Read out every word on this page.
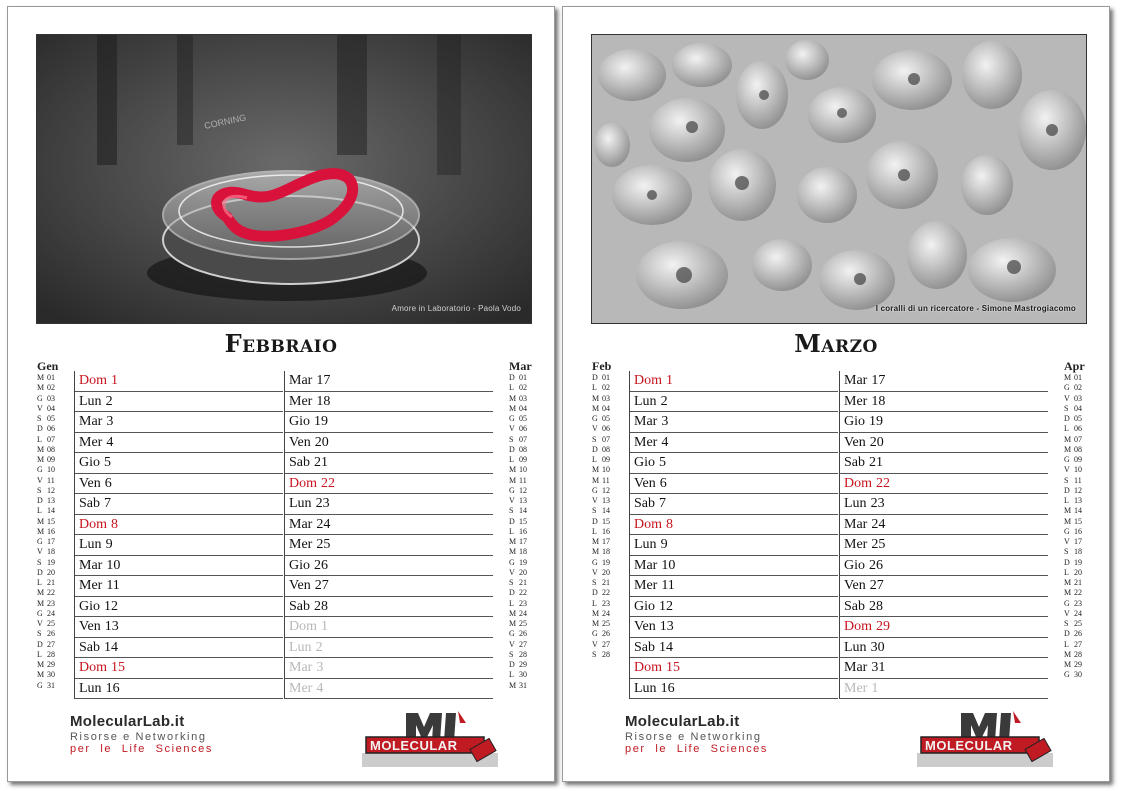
CORNING
Amore in Laboratorio - Paola Vodo
Febbraio
Gen
M 01
M 02
G 03
V 04
S 05
D 06
L 07
M 08
M 09
G 10
V 11
S 12
D 13
L 14
M 15
M 16
G 17
V 18
S 19
D 20
L 21
M 22
M 23
G 24
V 25
S 26
D 27
L 28
M 29
M 30
G 31
Dom 1
Lun 2
Mar 3
Mer 4
Gio 5
Ven 6
Sab 7
Dom 8
Lun 9
Mar 10
Mer 11
Gio 12
Ven 13
Sab 14
Dom 15
Lun 16
Mar 17
Mer 18
Gio 19
Ven 20
Sab 21
Dom 22
Lun 23
Mar 24
Mer 25
Gio 26
Ven 27
Sab 28
Dom 1
Lun 2
Mar 3
Mer 4
Mar
D 01
L 02
M 03
M 04
G 05
V 06
S 07
D 08
L 09
M 10
M 11
G 12
V 13
S 14
D 15
L 16
M 17
M 18
G 19
V 20
S 21
D 22
L 23
M 24
M 25
G 26
V 27
S 28
D 29
L 30
M 31
MolecularLab.it
Risorse e Networking
per le Life Sciences	MOLECULAR
I coralli di un ricercatore - Simone Mastrogiacomo
Marzo
Feb
D 01
L 02
M 03
M 04
G 05
V 06
S 07
D 08
L 09
M 10
M 11
G 12
V 13
S 14
D 15
L 16
M 17
M 18
G 19
V 20
S 21
D 22
L 23
M 24
M 25
G 26
V 27
S 28
Dom 1
Lun 2
Mar 3
Mer 4
Gio 5
Ven 6
Sab 7
Dom 8
Lun 9
Mar 10
Mer 11
Gio 12
Ven 13
Sab 14
Dom 15
Lun 16
Mar 17
Mer 18
Gio 19
Ven 20
Sab 21
Dom 22
Lun 23
Mar 24
Mer 25
Gio 26
Ven 27
Sab 28
Dom 29
Lun 30
Mar 31
Mer 1
Apr
M 01
G 02
V 03
S 04
D 05
L 06
M 07
M 08
G 09
V 10
S 11
D 12
L 13
M 14
M 15
G 16
V 17
S 18
D 19
L 20
M 21
M 22
G 23
V 24
S 25
D 26
L 27
M 28
M 29
G 30
MolecularLab.it
Risorse e Networking
per le Life Sciences	MOLECULAR
